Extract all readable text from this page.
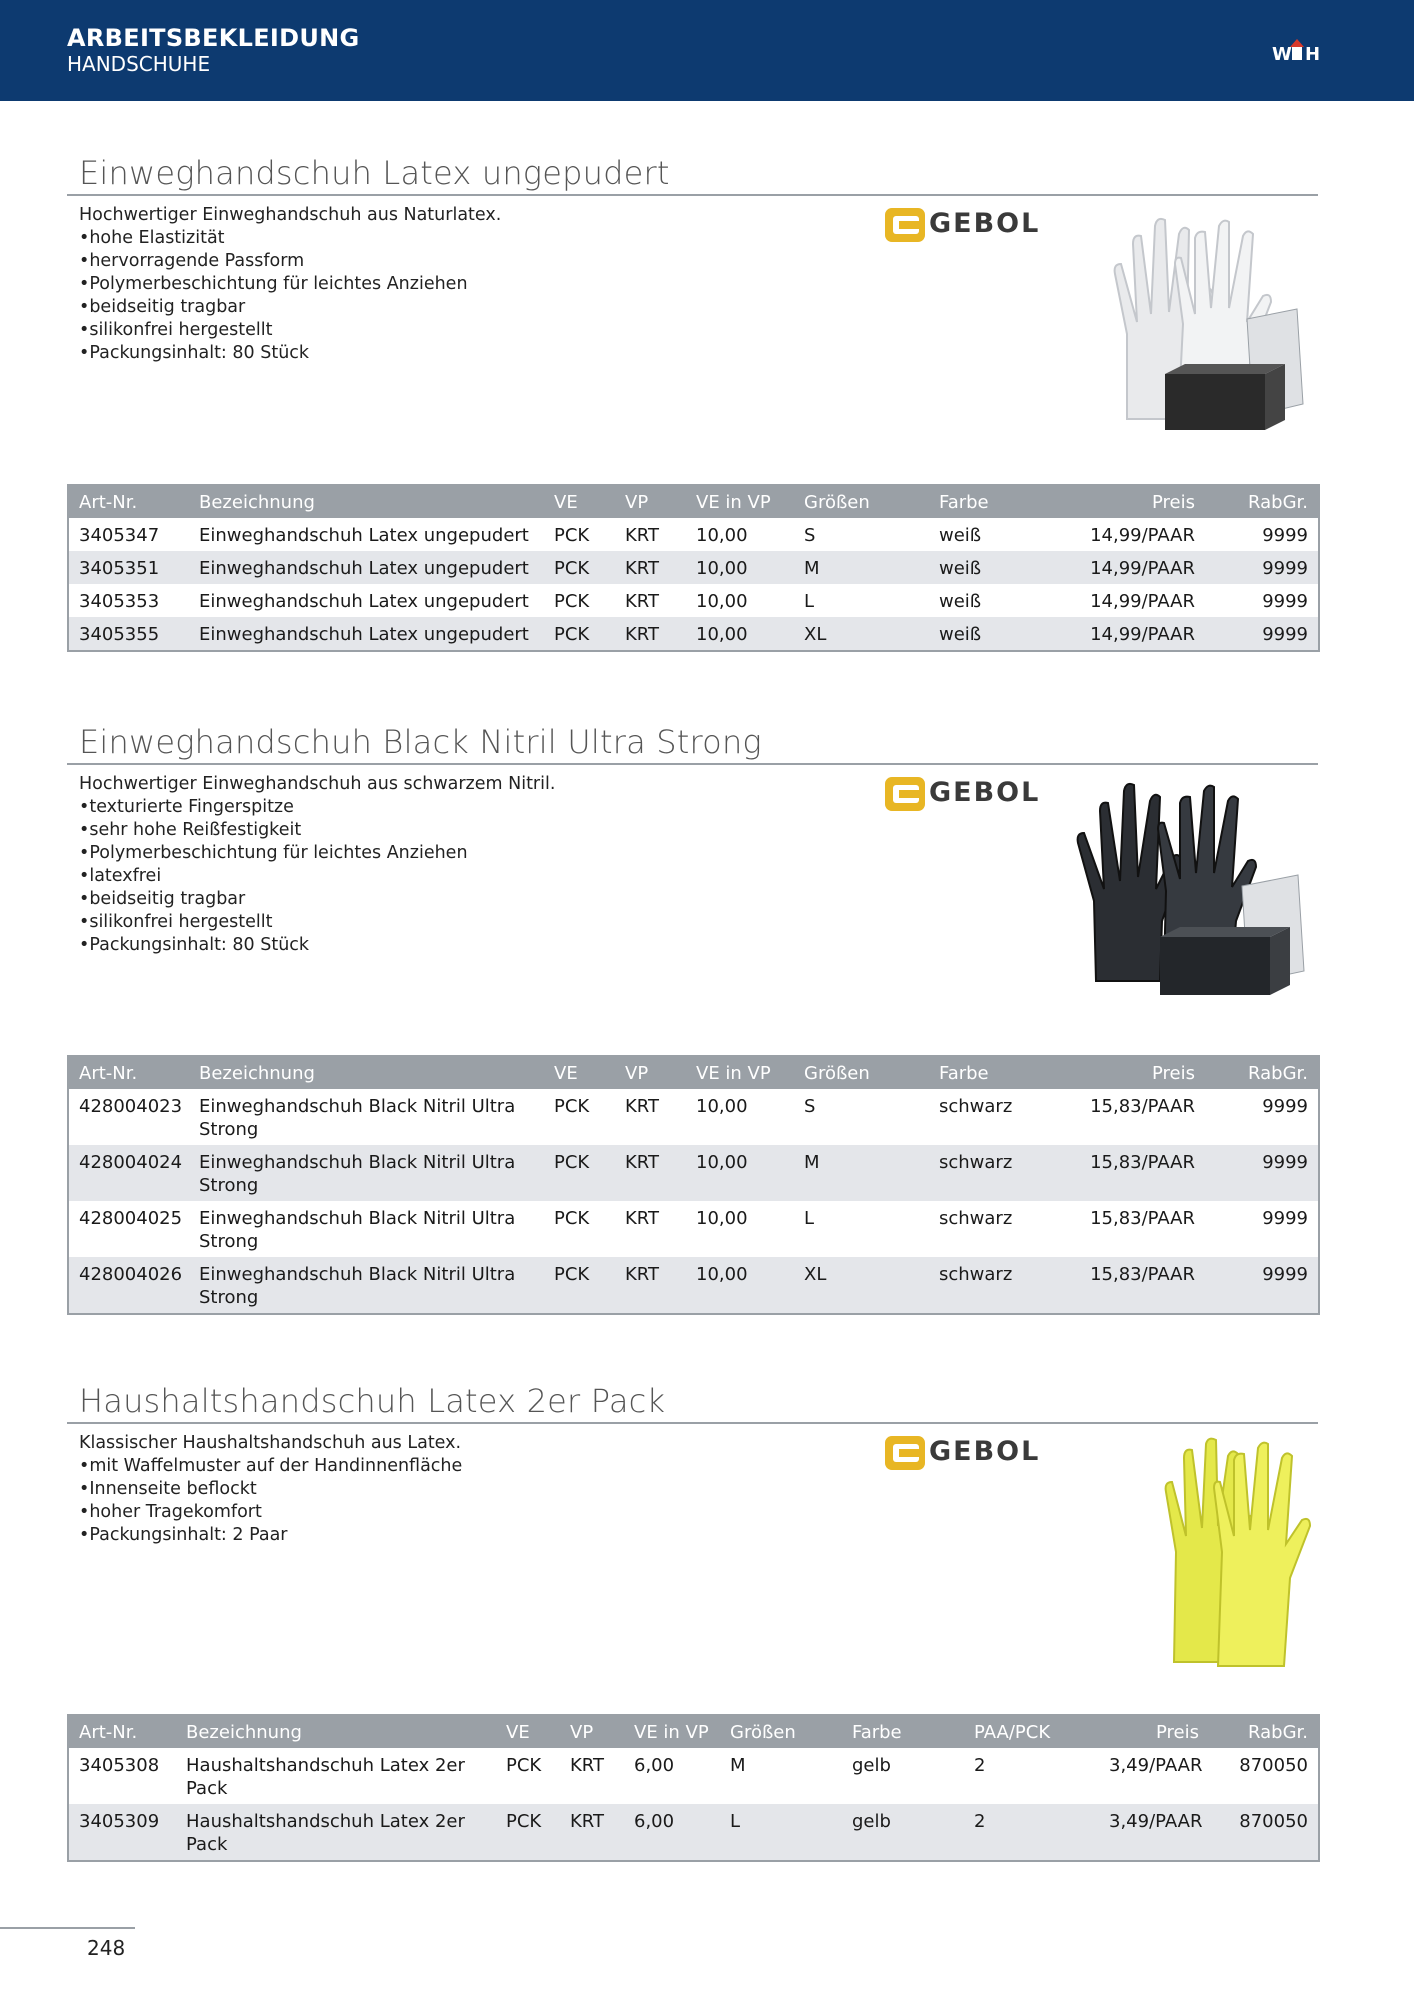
ARBEITSBEKLEIDUNG
HANDSCHUHE	W H
Einweghandschuh Latex ungepudert
Hochwertiger Einweghandschuh aus Naturlatex.
• hohe Elastizität
• hervorragende Passform
• Polymerbeschichtung für leichtes Anziehen
• beidseitig tragbar
• silikonfrei hergestellt
• Packungsinhalt: 80 Stück
GEBOL
Art-Nr.	Bezeichnung	VE	VP	VE in VP	Größen	Farbe	Preis	RabGr.
3405347	Einweghandschuh Latex ungepudert	PCK	KRT	10,00	S	weiß	14,99/PAAR	9999
3405351	Einweghandschuh Latex ungepudert	PCK	KRT	10,00	M	weiß	14,99/PAAR	9999
3405353	Einweghandschuh Latex ungepudert	PCK	KRT	10,00	L	weiß	14,99/PAAR	9999
3405355	Einweghandschuh Latex ungepudert	PCK	KRT	10,00	XL	weiß	14,99/PAAR	9999
Einweghandschuh Black Nitril Ultra Strong
Hochwertiger Einweghandschuh aus schwarzem Nitril.
• texturierte Fingerspitze
• sehr hohe Reißfestigkeit
• Polymerbeschichtung für leichtes Anziehen
• latexfrei
• beidseitig tragbar
• silikonfrei hergestellt
• Packungsinhalt: 80 Stück
GEBOL
Art-Nr.	Bezeichnung	VE	VP	VE in VP	Größen	Farbe	Preis	RabGr.
428004023	Einweghandschuh Black Nitril Ultra Strong	PCK	KRT	10,00	S	schwarz	15,83/PAAR	9999
428004024	Einweghandschuh Black Nitril Ultra Strong	PCK	KRT	10,00	M	schwarz	15,83/PAAR	9999
428004025	Einweghandschuh Black Nitril Ultra Strong	PCK	KRT	10,00	L	schwarz	15,83/PAAR	9999
428004026	Einweghandschuh Black Nitril Ultra Strong	PCK	KRT	10,00	XL	schwarz	15,83/PAAR	9999
Haushaltshandschuh Latex 2er Pack
Klassischer Haushaltshandschuh aus Latex.
• mit Waffelmuster auf der Handinnenfläche
• Innenseite beflockt
• hoher Tragekomfort
• Packungsinhalt: 2 Paar
GEBOL
Art-Nr.	Bezeichnung	VE	VP	VE in VP	Größen	Farbe	PAA/PCK	Preis	RabGr.
3405308	Haushaltshandschuh Latex 2er Pack	PCK	KRT	6,00	M	gelb	2	3,49/PAAR	870050
3405309	Haushaltshandschuh Latex 2er Pack	PCK	KRT	6,00	L	gelb	2	3,49/PAAR	870050
248
